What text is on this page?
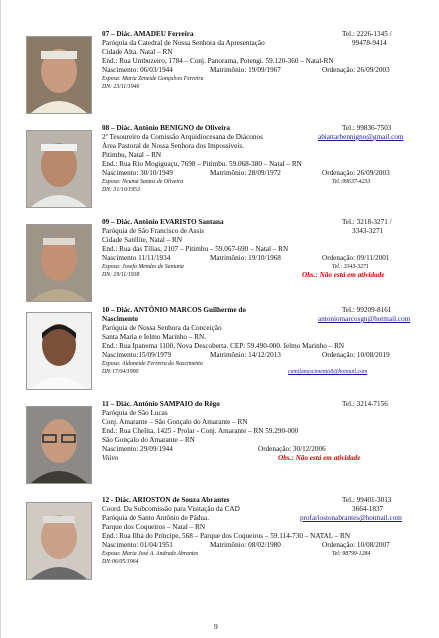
07 – Diác. AMADEU Ferreira	Tel.: 2226-1345 /
Paróquia da Catedral de Nossa Senhora da Apresentação	99478-9414
Cidade Alta. Natal – RN
End.: Rua Umbuzeiro, 1784 – Conj. Panorama, Potengi. 59.120-360 – Natal-RN
Nascimento: 06/03/1944	Matrimônio: 19/09/1967	Ordenação: 26/09/2003
Esposa: Maria Zeneide Gonçalves Ferreira
DN: 23/11/1946
08 – Diác. Antônio BENIGNO de Oliveira	Tel.: 99836-7503
2º Tesoureiro da Comissão Arquidiocesana de Diáconos	abiattarbennigno@gmail.com
Área Pastoral de Nossa Senhora dos Impossíveis.
Pitimbu, Natal – RN
End.: Rua Rio Mogiguaçu, 7698 – Pitimbu. 59.068-380 – Natal – RN
Nascimento: 30/10/1949	Matrimônio: 28/09/1972	Ordenação: 26/09/2003
Esposa: Neuma Santos de Oliveira	Tel.:99637-4233
DN: 31/10/1953
09 – Diác. Antônio EVARISTO Santana	Tel.: 3218-3271 /
Paróquia de São Francisco de Assis	3343-3271
Cidade Satélite, Natal – RN
End.: Rua das Tílias, 2107 – Pitimbu – 59.067-690 – Natal – RN
Nascimento 11/11/1934	Matrimônio: 19/10/1968	Ordenação: 09/11/2001
Esposa: Josefa Mendes de Santana	Tel.: 3343-3271
DN: 29/11/1938	Obs.: Não está em atividade
10 – Diác. ANTÔNIO MARCOS Guilherme do	Tel.: 99209-8161
Nascimento	antoniomarcosgn@hotmail.com
Paróquia de Nossa Senhora da Conceição
Santa Maria e Ielmo Marinho – RN.
End.: Rua Ipanema 1100, Nova Descoberta. CEP: 59.490-000. Ielmo Marinho – RN
Nascimento:15/09/1979	Matrimônio: 14/12/2013	Ordenação: 10/08/2019
Esposa: Aldoneide Ferreira do Nascimento
DN:17/04/1990	camilanascimento8@hotmail.com
11 – Diác. Antônio SAMPAIO do Rêgo	Tel.: 3214-7156
Paróquia de São Lucas
Conj. Amarante – São Gonçalo do Amarante – RN
End.: Rua Chelita, 1425 - Prolar - Conj. Amarante – RN 59.290-000
São Gonçalo do Amarante – RN
Nascimento: 29/09/1944	Ordenação: 30/12/2006
Viúvo	Obs.: Não está em atividade
12 - Diác. ARIOSTON de Souza Abrantes	Tel.: 99401-3013
Coord. Da Subcomissão para Visitação da CAD	3664-1837
Paróquia de Santo Antônio de Pádua.	profarìostonabrantes@hotmail.com
Parque dos Coqueiros – Natal – RN
End.: Rua Ilha do Príncipe, 568 – Parque dos Coqueiros – 59.114-730 – NATAL – RN
Nascimento: 01/04/1951	Matrimônio: 08/02/1980	Ordenação: 10/08/2007
Esposa: Maria José A. Andrade Abrantes	Tel: 98799-1284
DN:06/05/1964
9
